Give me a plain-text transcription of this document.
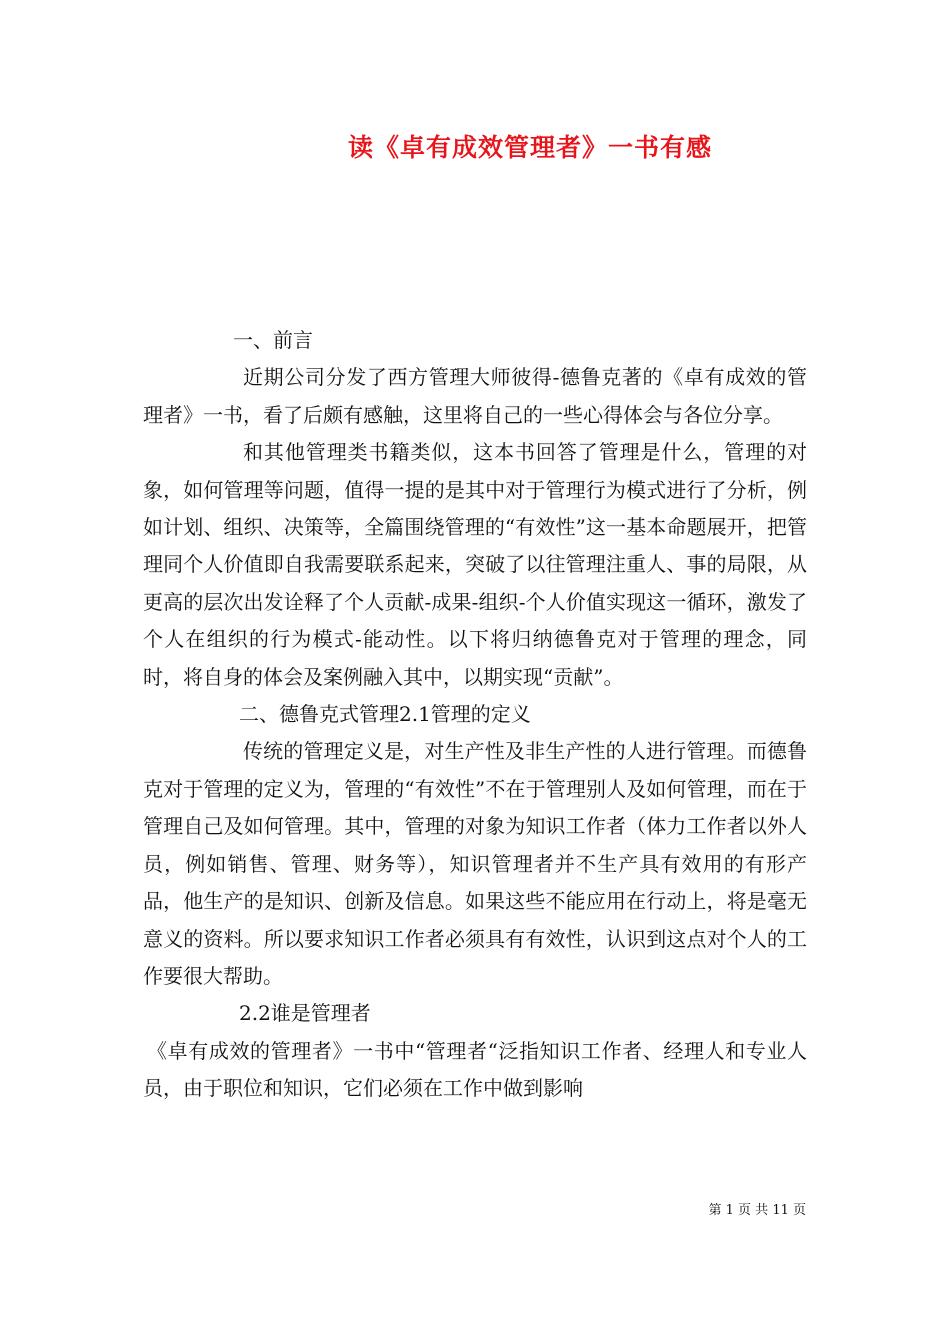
读《卓有成效管理者》一书有感

一、前言

近期公司分发了西方管理大师彼得-德鲁克著的《卓有成效的管理者》一书，看了后颇有感触，这里将自己的一些心得体会与各位分享。

和其他管理类书籍类似，这本书回答了管理是什么，管理的对象，如何管理等问题，值得一提的是其中对于管理行为模式进行了分析，例如计划、组织、决策等，全篇围绕管理的“有效性”这一基本命题展开，把管理同个人价值即自我需要联系起来，突破了以往管理注重人、事的局限，从更高的层次出发诠释了个人贡献-成果-组织-个人价值实现这一循环，激发了个人在组织的行为模式-能动性。以下将归纳德鲁克对于管理的理念，同时，将自身的体会及案例融入其中，以期实现“贡献”。

二、德鲁克式管理2.1管理的定义

传统的管理定义是，对生产性及非生产性的人进行管理。而德鲁克对于管理的定义为，管理的“有效性”不在于管理别人及如何管理，而在于管理自己及如何管理。其中，管理的对象为知识工作者（体力工作者以外人员，例如销售、管理、财务等），知识管理者并不生产具有效用的有形产品，他生产的是知识、创新及信息。如果这些不能应用在行动上，将是毫无意义的资料。所以要求知识工作者必须具有有效性，认识到这点对个人的工作要很大帮助。

2.2谁是管理者

《卓有成效的管理者》一书中“管理者“泛指知识工作者、经理人和专业人员，由于职位和知识，它们必须在工作中做到影响

第 1 页 共 11 页
